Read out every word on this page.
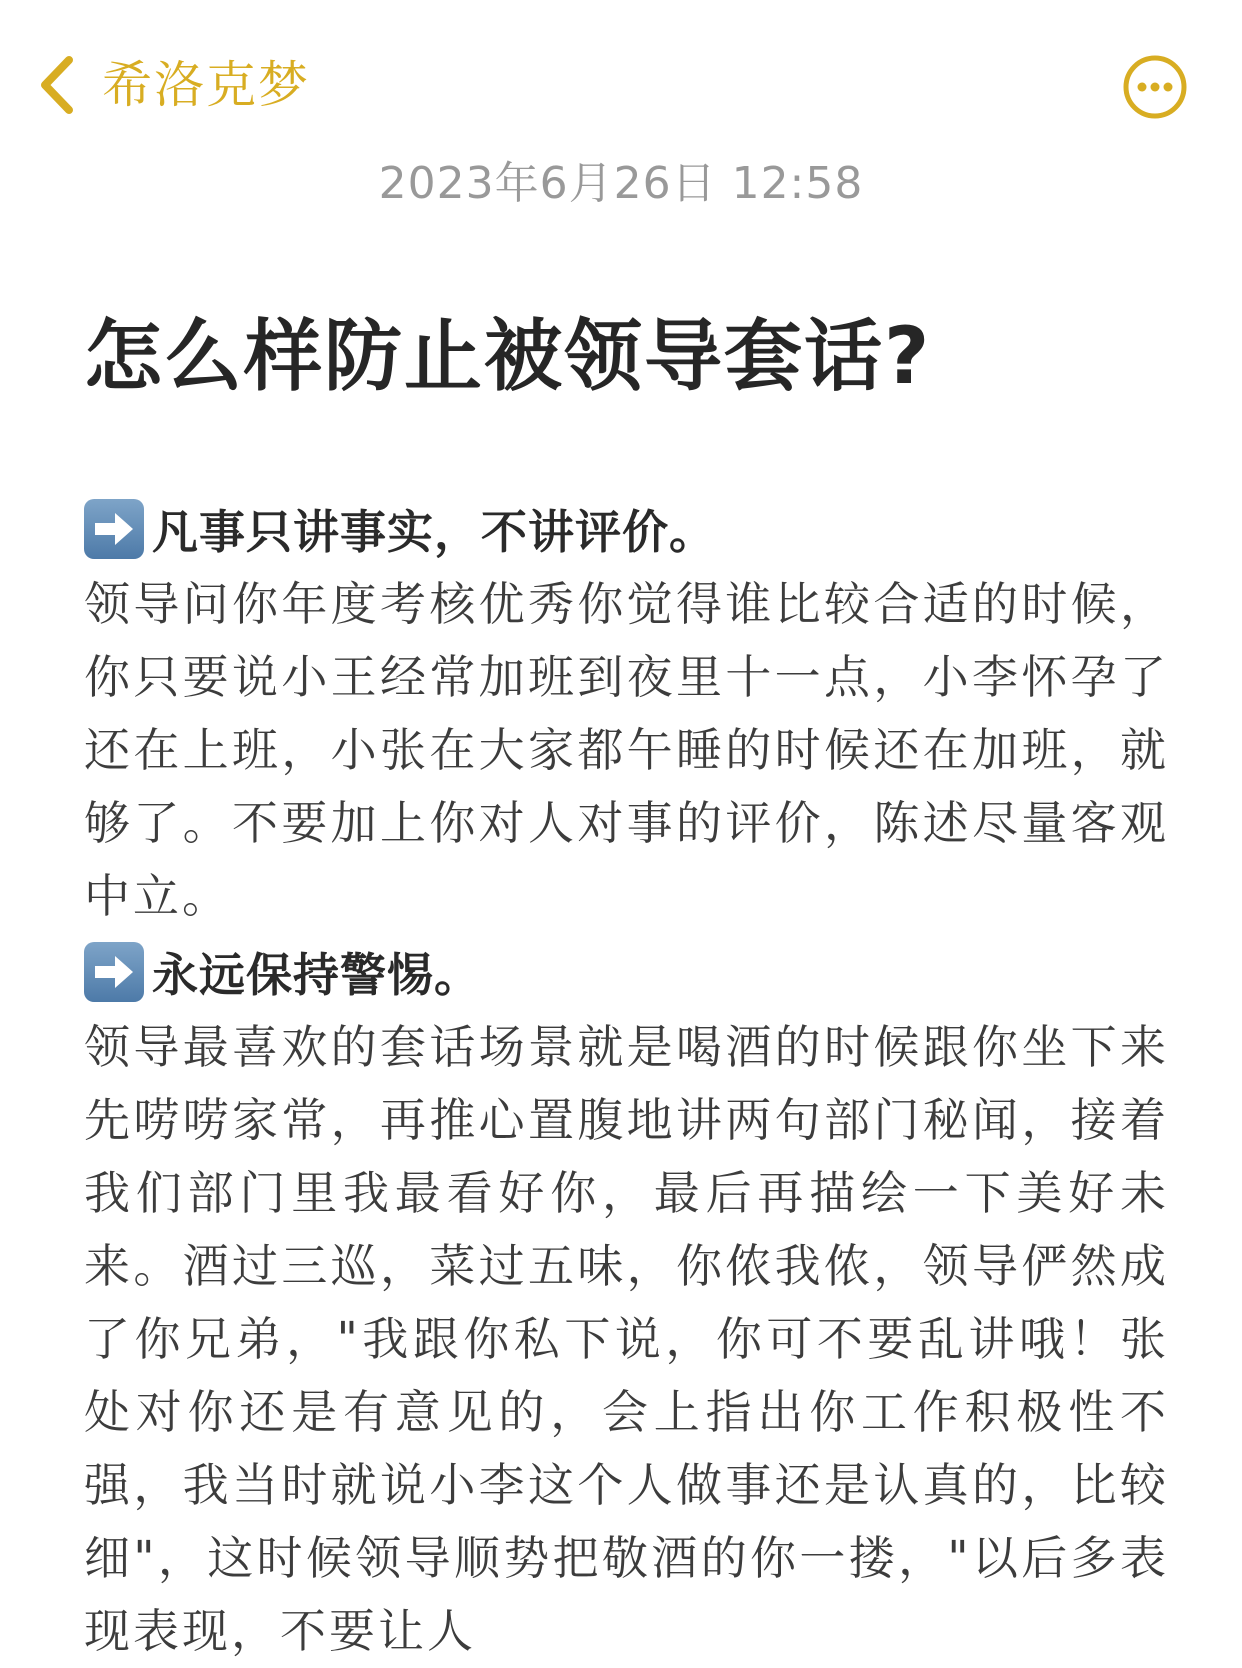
希洛克梦
2023年6月26日 12:58
怎么样防止被领导套话?
凡事只讲事实，不讲评价。

领导问你年度考核优秀你觉得谁比较合适的时候，你只要说小王经常加班到夜里十一点，小李怀孕了还在上班，小张在大家都午睡的时候还在加班，就够了。不要加上你对人对事的评价，陈述尽量客观中立。

永远保持警惕。

领导最喜欢的套话场景就是喝酒的时候跟你坐下来先唠唠家常，再推心置腹地讲两句部门秘闻，接着我们部门里我最看好你，最后再描绘一下美好未来。酒过三巡，菜过五味，你侬我侬，领导俨然成了你兄弟，"我跟你私下说，你可不要乱讲哦！张处对你还是有意见的，会上指出你工作积极性不强，我当时就说小李这个人做事还是认真的，比较细"，这时候领导顺势把敬酒的你一搂，"以后多表现表现，不要让人
